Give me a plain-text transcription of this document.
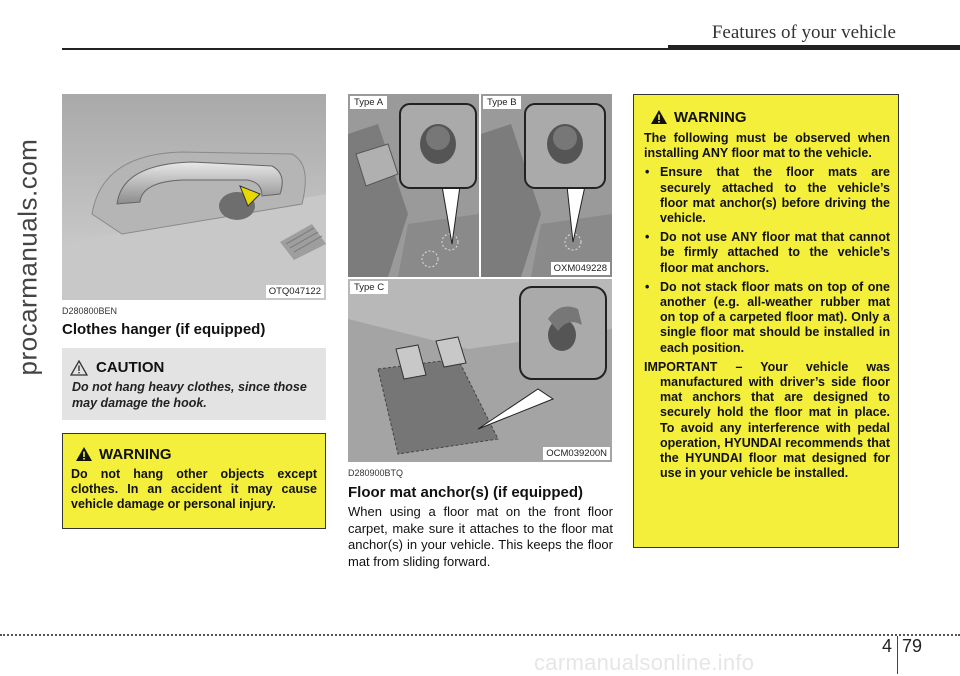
Features of your vehicle
procarmanuals.com	OTQ047122
D280800BEN
Clothes hanger (if equipped)
CAUTION
Do not hang heavy clothes, since those may damage the hook.
WARNING
Do not hang other objects except clothes. In an accident it may cause vehicle damage or personal injury.
Type A	Type B
OXM049228
Type C
OCM039200N
D280900BTQ
Floor mat anchor(s) (if equipped)
When using a floor mat on the front floor carpet, make sure it attaches to the floor mat anchor(s) in your vehicle. This keeps the floor mat from sliding forward.
WARNING
The following must be observed when installing ANY floor mat to the vehicle.
• Ensure that the floor mats are securely attached to the vehicle’s floor mat anchor(s) before driving the vehicle.
• Do not use ANY floor mat that cannot be firmly attached to the vehicle’s floor mat anchors.
• Do not stack floor mats on top of one another (e.g. all-weather rubber mat on top of a carpeted floor mat). Only a single floor mat should be installed in each position.
IMPORTANT – Your vehicle was manufactured with driver’s side floor mat anchors that are designed to securely hold the floor mat in place. To avoid any interference with pedal operation, HYUNDAI recommends that the HYUNDAI floor mat designed for use in your vehicle be installed.
4 79
carmanualsonline.info
